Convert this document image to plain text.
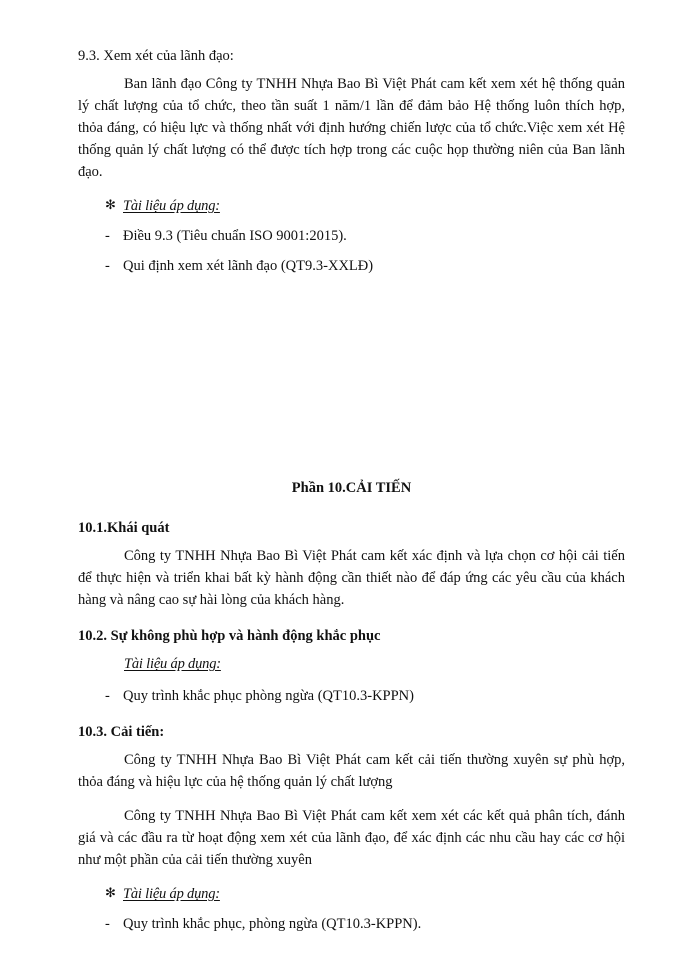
9.3. Xem xét của lãnh đạo:

Ban lãnh đạo Công ty TNHH Nhựa Bao Bì Việt Phát cam kết xem xét hệ thống quản lý chất lượng của tổ chức, theo tần suất 1 năm/1 lần để đảm bảo Hệ thống luôn thích hợp, thỏa đáng, có hiệu lực và thống nhất với định hướng chiến lược của tổ chức.Việc xem xét Hệ thống quản lý chất lượng có thể được tích hợp trong các cuộc họp thường niên của Ban lãnh đạo.

✻ Tài liệu áp dụng:
- Điều 9.3 (Tiêu chuẩn ISO 9001:2015).
- Qui định xem xét lãnh đạo (QT9.3-XXLĐ)

Phần 10.CẢI TIẾN

10.1.Khái quát

Công ty TNHH Nhựa Bao Bì Việt Phát cam kết xác định và lựa chọn cơ hội cải tiến để thực hiện và triển khai bất kỳ hành động cần thiết nào để đáp ứng các yêu cầu của khách hàng và nâng cao sự hài lòng của khách hàng.

10.2. Sự không phù hợp và hành động khắc phục

Tài liệu áp dụng:

- Quy trình khắc phục phòng ngừa (QT10.3-KPPN)

10.3. Cải tiến:

Công ty TNHH Nhựa Bao Bì Việt Phát cam kết cải tiến thường xuyên sự phù hợp, thỏa đáng và hiệu lực của hệ thống quản lý chất lượng

Công ty TNHH Nhựa Bao Bì Việt Phát cam kết xem xét các kết quả phân tích, đánh giá và các đầu ra từ hoạt động xem xét của lãnh đạo, để xác định các nhu cầu hay các cơ hội như một phần của cải tiến thường xuyên

✻ Tài liệu áp dụng:
- Quy trình khắc phục, phòng ngừa (QT10.3-KPPN).
